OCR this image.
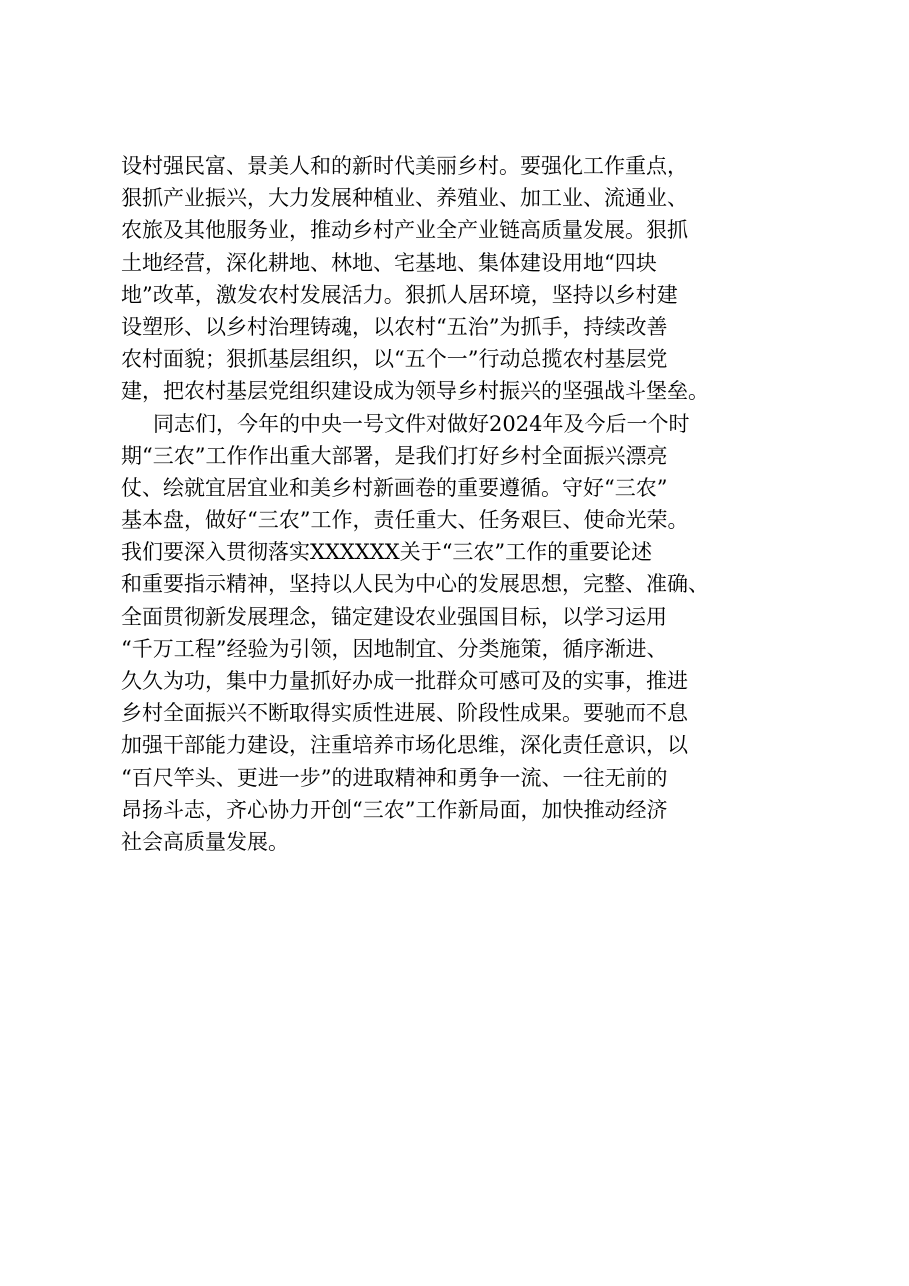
设村强民富、景美人和的新时代美丽乡村。要强化工作重点，
狠抓产业振兴，大力发展种植业、养殖业、加工业、流通业、
农旅及其他服务业，推动乡村产业全产业链高质量发展。狠抓
土地经营，深化耕地、林地、宅基地、集体建设用地“四块
地”改革，激发农村发展活力。狠抓人居环境，坚持以乡村建
设塑形、以乡村治理铸魂，以农村“五治”为抓手，持续改善
农村面貌；狠抓基层组织，以“五个一”行动总揽农村基层党
建，把农村基层党组织建设成为领导乡村振兴的坚强战斗堡垒。
同志们，今年的中央一号文件对做好2024年及今后一个时
期“三农”工作作出重大部署，是我们打好乡村全面振兴漂亮
仗、绘就宜居宜业和美乡村新画卷的重要遵循。守好“三农”
基本盘，做好“三农”工作，责任重大、任务艰巨、使命光荣。
我们要深入贯彻落实XXXXXX关于“三农”工作的重要论述
和重要指示精神，坚持以人民为中心的发展思想，完整、准确、
全面贯彻新发展理念，锚定建设农业强国目标，以学习运用
“千万工程”经验为引领，因地制宜、分类施策，循序渐进、
久久为功，集中力量抓好办成一批群众可感可及的实事，推进
乡村全面振兴不断取得实质性进展、阶段性成果。要驰而不息
加强干部能力建设，注重培养市场化思维，深化责任意识，以
“百尺竿头、更进一步”的进取精神和勇争一流、一往无前的
昂扬斗志，齐心协力开创“三农”工作新局面，加快推动经济
社会高质量发展。
